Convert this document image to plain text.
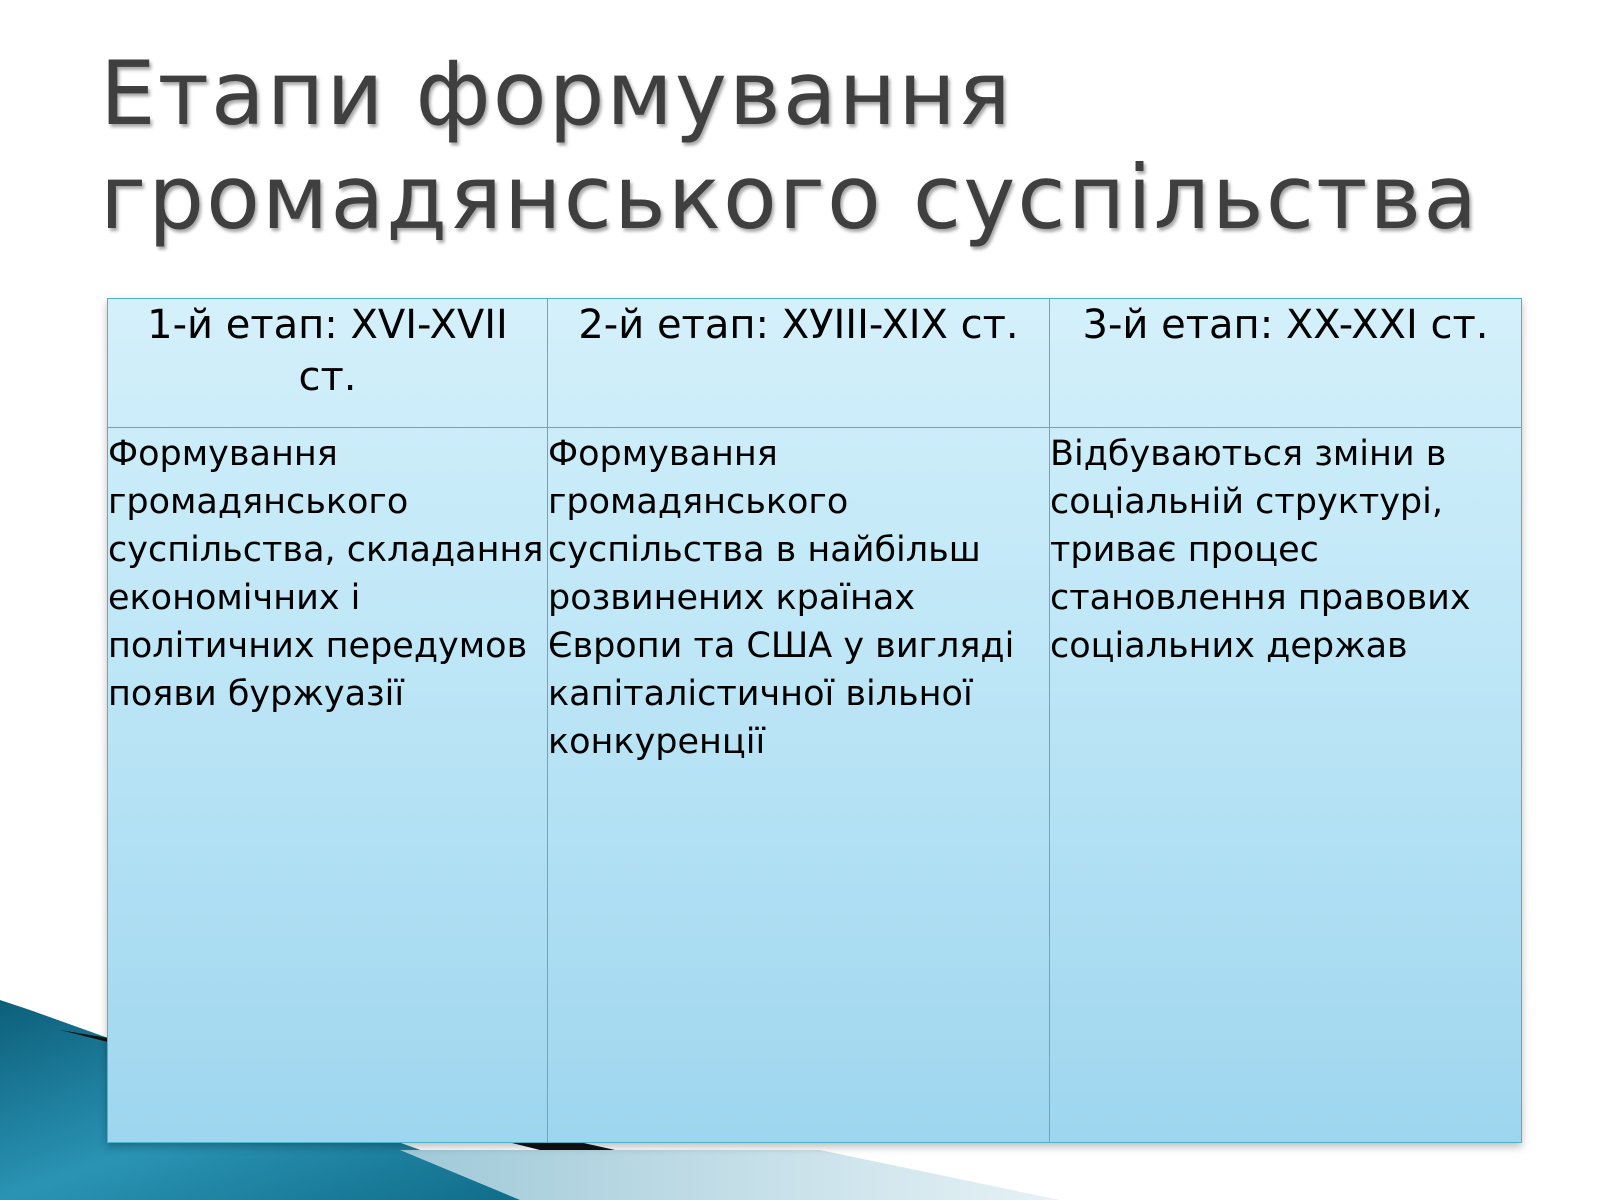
Етапи формування
громадянського суспільства
1-й етап: XVI-XVII ст.	2-й етап: ХУIII-XIX ст.	3-й етап: XX-XXI ст.
Формування громадянського суспільства, складання економічних і політичних передумов появи буржуазії	Формування громадянського суспільства в найбільш розвинених країнах Європи та США у вигляді капіталістичної вільної конкуренції	Відбуваються зміни в соціальній структурі, триває процес становлення правових соціальних держав
